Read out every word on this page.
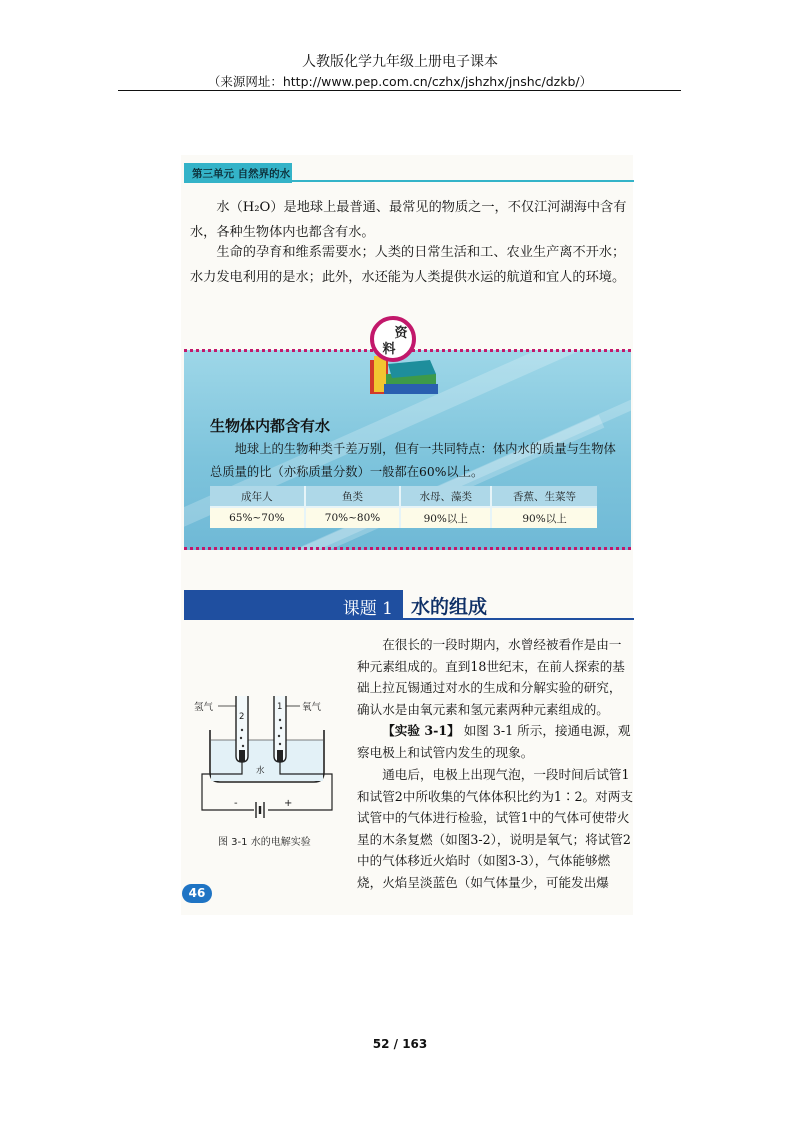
人教版化学九年级上册电子课本
（来源网址：http://www.pep.com.cn/czhx/jshzhx/jnshc/dzkb/）
第三单元 自然界的水

水（H₂O）是地球上最普通、最常见的物质之一，不仅江河湖海中含有水，各种生物体内也都含有水。

生命的孕育和维系需要水；人类的日常生活和工、农业生产离不开水；水力发电利用的是水；此外，水还能为人类提供水运的航道和宜人的环境。

资
料
生物体内都含有水

地球上的生物种类千差万别，但有一共同特点：体内水的质量与生物体总质量的比（亦称质量分数）一般都在60%以上。

成年人	鱼类	水母、藻类	香蕉、生菜等
65%~70%	70%~80%	90%以上	90%以上
课题 1 水的组成

在很长的一段时期内，水曾经被看作是由一种元素组成的。直到18世纪末，在前人探索的基础上拉瓦锡通过对水的生成和分解实验的研究，确认水是由氧元素和氢元素两种元素组成的。

【实验 3-1】 如图 3-1 所示，接通电源，观察电极上和试管内发生的现象。

通电后，电极上出现气泡，一段时间后试管1和试管2中所收集的气体体积比约为1∶2。对两支试管中的气体进行检验，试管1中的气体可使带火星的木条复燃（如图3-2），说明是氧气；将试管2中的气体移近火焰时（如图3-3），气体能够燃烧，火焰呈淡蓝色（如气体量少，可能发出爆

氢气	氧气
2
1
水
-	+
图 3-1 水的电解实验
46
52 / 163
